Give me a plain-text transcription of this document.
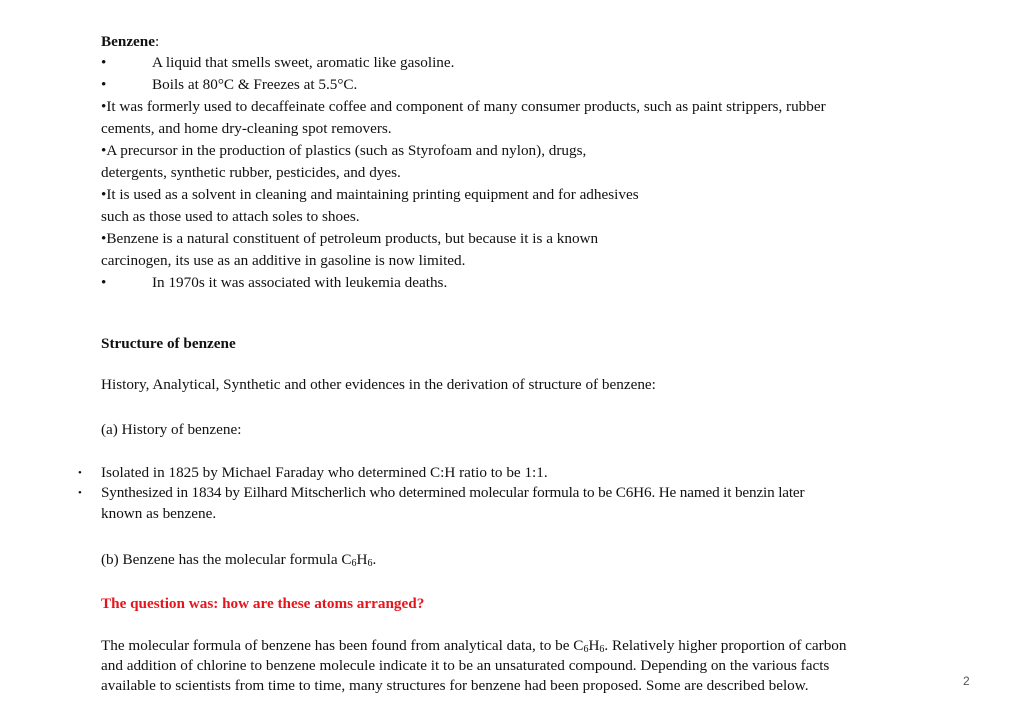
Benzene:
•	A liquid that smells sweet, aromatic like gasoline.
•	Boils at 80°C & Freezes at 5.5°C.
•It was formerly used to decaffeinate coffee and component of many consumer products, such as paint strippers, rubber
cements, and home dry-cleaning spot removers.
•A precursor in the production of plastics (such as Styrofoam and nylon), drugs,
detergents, synthetic rubber, pesticides, and dyes.
•It is used as a solvent in cleaning and maintaining printing equipment and for adhesives
such as those used to attach soles to shoes.
•Benzene is a natural constituent of petroleum products, but because it is a known
carcinogen, its use as an additive in gasoline is now limited.
•	In 1970s it was associated with leukemia deaths.
Structure of benzene
History, Analytical, Synthetic and other evidences in the derivation of structure of benzene:
(a) History of benzene:
• Isolated in 1825 by Michael Faraday who determined C:H ratio to be 1:1.
• Synthesized in 1834 by Eilhard Mitscherlich who determined molecular formula to be C6H6. He named it benzin later
known as benzene.
(b) Benzene has the molecular formula $C_6H_6$.
The question was: how are these atoms arranged?
The molecular formula of benzene has been found from analytical data, to be $C_6H_6$. Relatively higher proportion of carbon
and addition of chlorine to benzene molecule indicate it to be an unsaturated compound. Depending on the various facts
available to scientists from time to time, many structures for benzene had been proposed. Some are described below.	2
